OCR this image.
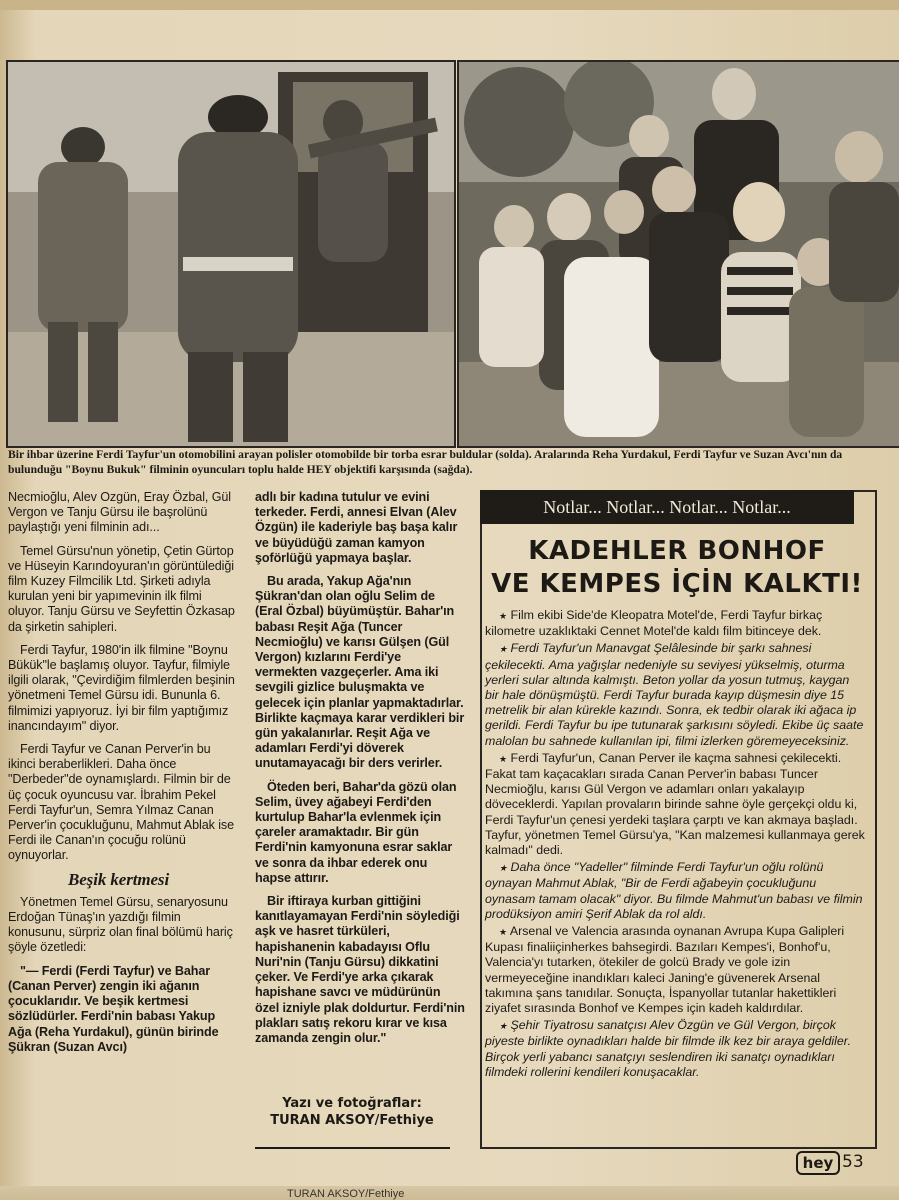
Bir ihbar üzerine Ferdi Tayfur'un otomobilini arayan polisler otomobilde bir torba esrar buldular (solda). Aralarında Reha Yurdakul, Ferdi Tayfur ve Suzan Avcı'nın da bulunduğu "Boynu Bukuk" filminin oyuncuları toplu halde HEY objektifi karşısında (sağda).

Necmioğlu, Alev Ozgün, Eray Özbal, Gül Vergon ve Tanju Gürsu ile başrolünü paylaştığı yeni filminin adı...

Temel Gürsu'nun yönetip, Çetin Gürtop ve Hüseyin Karındoyuran'ın görüntülediği film Kuzey Filmcilik Ltd. Şirketi adıyla kurulan yeni bir yapımevinin ilk filmi oluyor. Tanju Gürsu ve Seyfettin Özkasap da şirketin sahipleri.

Ferdi Tayfur, 1980'in ilk filmine "Boynu Bükük"le başlamış oluyor. Tayfur, filmiyle ilgili olarak, "Çevirdiğim filmlerden beşinin yönetmeni Temel Gürsu idi. Bununla 6. filmimizi yapıyoruz. İyi bir film yaptığımız inancındayım" diyor.

Ferdi Tayfur ve Canan Perver'in bu ikinci beraberlikleri. Daha önce "Derbeder"de oynamışlardı. Filmin bir de üç çocuk oyuncusu var. İbrahim Pekel Ferdi Tayfur'un, Semra Yılmaz Canan Perver'in çocukluğunu, Mahmut Ablak ise Ferdi ile Canan'ın çocuğu rolünü oynuyorlar.

Beşik kertmesi

Yönetmen Temel Gürsu, senaryosunu Erdoğan Tünaş'ın yazdığı filmin konusunu, sürpriz olan final bölümü hariç şöyle özetledi:

"— Ferdi (Ferdi Tayfur) ve Bahar (Canan Perver) zengin iki ağanın çocuklarıdır. Ve beşik kertmesi sözlüdürler. Ferdi'nin babası Yakup Ağa (Reha Yurdakul), günün birinde Şükran (Suzan Avcı)

adlı bir kadına tutulur ve evini terkeder. Ferdi, annesi Elvan (Alev Özgün) ile kaderiyle baş başa kalır ve büyüdüğü zaman kamyon şoförlüğü yapmaya başlar.

Bu arada, Yakup Ağa'nın Şükran'dan olan oğlu Selim de (Eral Özbal) büyümüştür. Bahar'ın babası Reşit Ağa (Tuncer Necmioğlu) ve karısı Gülşen (Gül Vergon) kızlarını Ferdi'ye vermekten vazgeçerler. Ama iki sevgili gizlice buluşmakta ve gelecek için planlar yapmaktadırlar. Birlikte kaçmaya karar verdikleri bir gün yakalanırlar. Reşit Ağa ve adamları Ferdi'yi döverek unutamayacağı bir ders verirler.

Öteden beri, Bahar'da gözü olan Selim, üvey ağabeyi Ferdi'den kurtulup Bahar'la evlenmek için çareler aramaktadır. Bir gün Ferdi'nin kamyonuna esrar saklar ve sonra da ihbar ederek onu hapse attırır.

Bir iftiraya kurban gittiğini kanıtlayamayan Ferdi'nin söylediği aşk ve hasret türküleri, hapishanenin kabadayısı Oflu Nuri'nin (Tanju Gürsu) dikkatini çeker. Ve Ferdi'ye arka çıkarak hapishane savcı ve müdürünün özel izniyle plak doldurtur. Ferdi'nin plakları satış rekoru kırar ve kısa zamanda zengin olur."

Yazı ve fotoğraflar:
TURAN AKSOY/Fethiye
Notlar... Notlar... Notlar... Notlar...
KADEHLER BONHOF
VE KEMPES İÇİN KALKTI!

★ Film ekibi Side'de Kleopatra Motel'de, Ferdi Tayfur birkaç kilometre uzaklıktaki Cennet Motel'de kaldı film bitinceye dek.

★ Ferdi Tayfur'un Manavgat Şelâlesinde bir şarkı sahnesi çekilecekti. Ama yağışlar nedeniyle su seviyesi yükselmiş, oturma yerleri sular altında kalmıştı. Beton yollar da yosun tutmuş, kaygan bir hale dönüşmüştü. Ferdi Tayfur burada kayıp düşmesin diye 15 metrelik bir alan kürekle kazındı. Sonra, ek tedbir olarak iki ağaca ip gerildi. Ferdi Tayfur bu ipe tutunarak şarkısını söyledi. Ekibe üç saate malolan bu sahnede kullanılan ipi, filmi izlerken göremeyeceksiniz.

★ Ferdi Tayfur'un, Canan Perver ile kaçma sahnesi çekilecekti. Fakat tam kaçacakları sırada Canan Perver'in babası Tuncer Necmioğlu, karısı Gül Vergon ve adamları onları yakalayıp döveceklerdi. Yapılan provaların birinde sahne öyle gerçekçi oldu ki, Ferdi Tayfur'un çenesi yerdeki taşlara çarptı ve kan akmaya başladı. Tayfur, yönetmen Temel Gürsu'ya, "Kan malzemesi kullanmaya gerek kalmadı" dedi.

★ Daha önce "Yadeller" filminde Ferdi Tayfur'un oğlu rolünü oynayan Mahmut Ablak, "Bir de Ferdi ağabeyin çocukluğunu oynasam tamam olacak" diyor. Bu filmde Mahmut'un babası ve filmin prodüksiyon amiri Şerif Ablak da rol aldı.

★ Arsenal ve Valencia arasında oynanan Avrupa Kupa Galipleri Kupası finaliiçinherkes bahsegirdi. Bazıları Kempes'i, Bonhof'u, Valencia'yı tutarken, ötekiler de golcü Brady ve gole izin vermeyeceğine inandıkları kaleci Janing'e güvenerek Arsenal takımına şans tanıdılar. Sonuçta, İspanyollar tutanlar hakettikleri ziyafet sırasında Bonhof ve Kempes için kadeh kaldırdılar.

★ Şehir Tiyatrosu sanatçısı Alev Özgün ve Gül Vergon, birçok piyeste birlikte oynadıkları halde bir filmde ilk kez bir araya geldiler. Birçok yerli yabancı sanatçıyı seslendiren iki sanatçı oynadıkları filmdeki rollerini kendileri konuşacaklar.

hey 53
TURAN AKSOY/Fethiye
